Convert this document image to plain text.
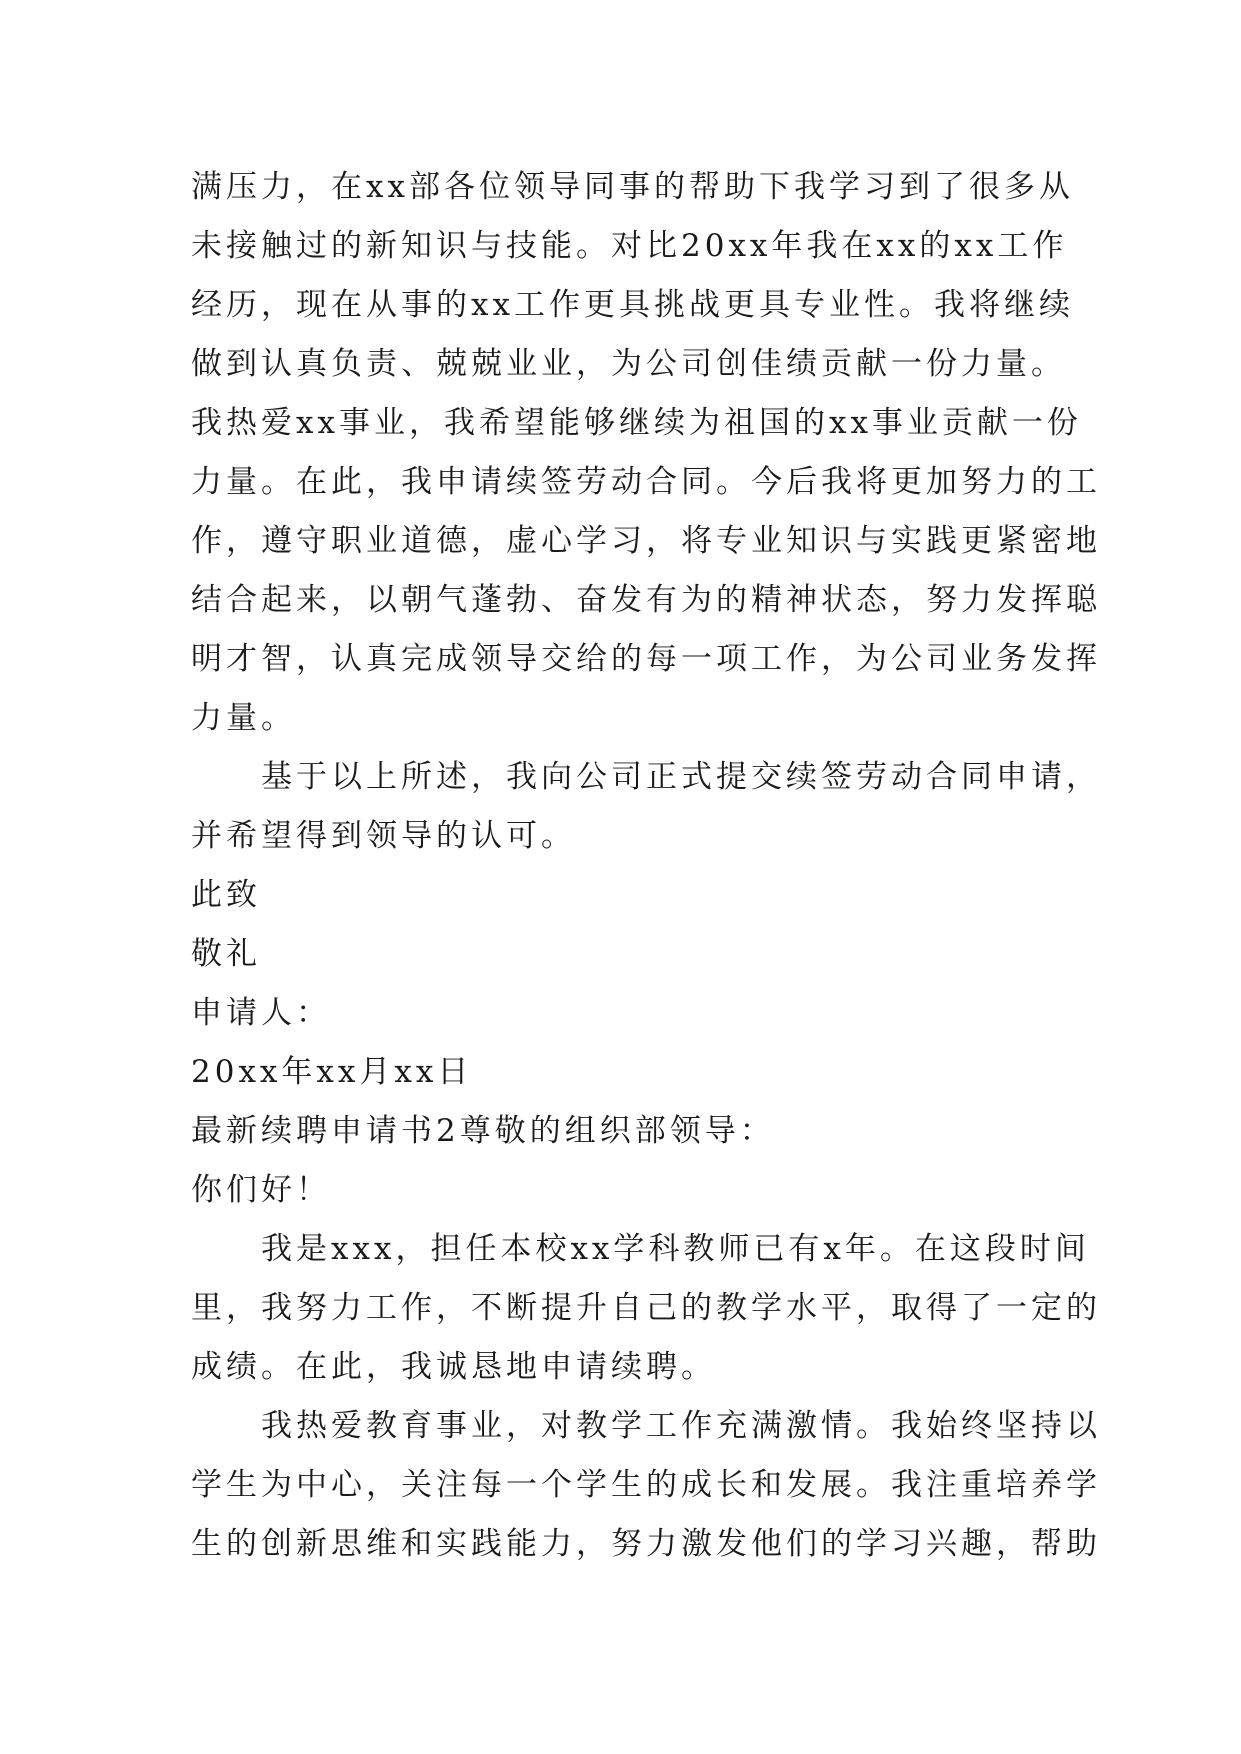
满压力，在xx部各位领导同事的帮助下我学习到了很多从
未接触过的新知识与技能。对比20xx年我在xx的xx工作
经历，现在从事的xx工作更具挑战更具专业性。我将继续
做到认真负责、兢兢业业，为公司创佳绩贡献一份力量。
我热爱xx事业，我希望能够继续为祖国的xx事业贡献一份
力量。在此，我申请续签劳动合同。今后我将更加努力的工
作，遵守职业道德，虚心学习，将专业知识与实践更紧密地
结合起来，以朝气蓬勃、奋发有为的精神状态，努力发挥聪
明才智，认真完成领导交给的每一项工作，为公司业务发挥
力量。

基于以上所述，我向公司正式提交续签劳动合同申请，
并希望得到领导的认可。

此致

敬礼

申请人：

20xx年xx月xx日

最新续聘申请书2尊敬的组织部领导：

你们好！

我是xxx，担任本校xx学科教师已有x年。在这段时间
里，我努力工作，不断提升自己的教学水平，取得了一定的
成绩。在此，我诚恳地申请续聘。

我热爱教育事业，对教学工作充满激情。我始终坚持以
学生为中心，关注每一个学生的成长和发展。我注重培养学
生的创新思维和实践能力，努力激发他们的学习兴趣，帮助
